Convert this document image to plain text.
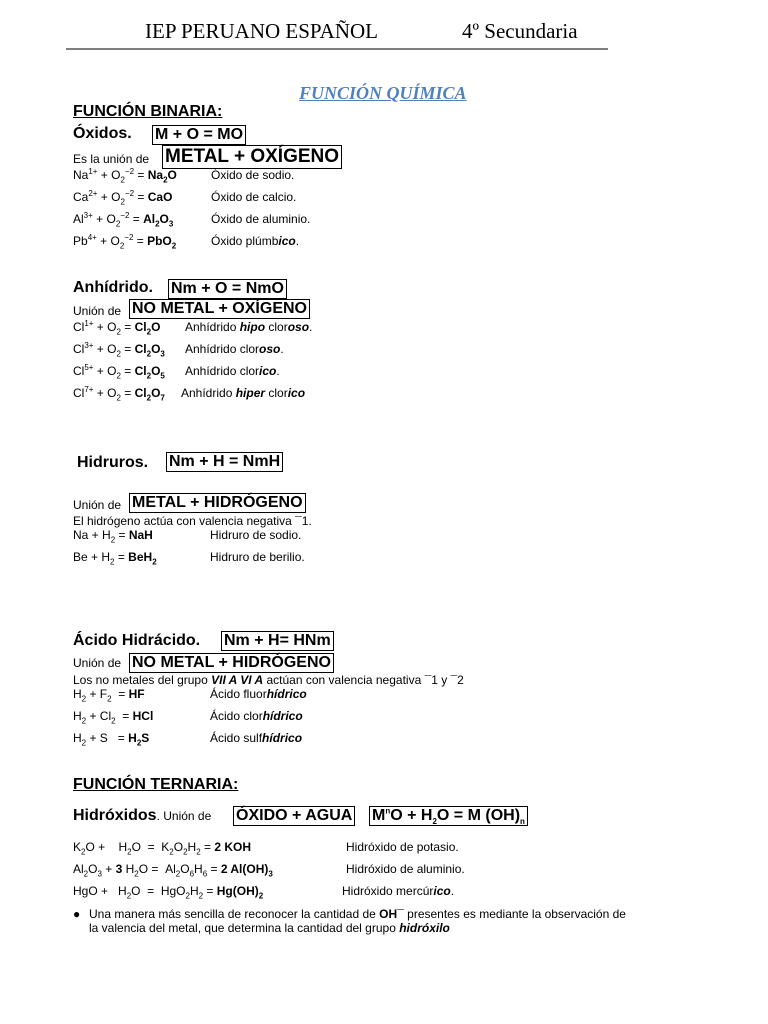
IEP PERUANO ESPAÑOL	4º Secundaria
FUNCIÓN QUÍMICA
FUNCIÓN BINARIA:
Óxidos. M + O = MO
Es la unión de METAL + OXÍGENO
$Na^{1+} + O_2^{-2} = Na_2O$	Óxido de sodio.
$Ca^{2+} + O_2^{-2}$ = CaO	Óxido de calcio.
$Al^{3+} + O_2^{-2} = Al_2O_3$	Óxido de aluminio.
$Pb^{4+} + O_2^{-2} = PbO_2$	Óxido plúmbico.
Anhídrido. Nm + O = NmO
Unión de NO METAL + OXÍGENO
$Cl^{1+} + O_2 = Cl_2O$ Anhídrido hipo cloroso.
$Cl^{3+} + O_2 = Cl_2O_3$ Anhídrido cloroso.
$Cl^{5+} + O_2 = Cl_2O_5$ Anhídrido clorico.
$Cl^{7+} + O_2 = Cl_2O_7$ Anhídrido hiper clorico
Hidruros. Nm + H = NmH
Unión de METAL + HIDRÓGENO
El hidrógeno actúa con valencia negativa ¯1.
$Na + H_2$ = NaH	Hidruro de sodio.
$Be + H_2 = BeH_2$	Hidruro de berilio.
Ácido Hidrácido. Nm + H= HNm
Unión de NO METAL + HIDRÓGENO
Los no metales del grupo VII A VI A actúan con valencia negativa ¯1 y ¯2
$H_2 + F_2$  = HF	Ácido fluorhídrico
$H_2 + Cl_2$  = HCl	Ácido clorhídrico
$H_2 + S = H_2S$	Ácido sulfhídrico
FUNCIÓN TERNARIA:
Hidróxidos. Unión de ÓXIDO + AGUA $M^nO + H_2O = M$ $(OH)_n$
$K_2O$ +    $H_2O = K_2O_2H_2 = 2$ KOH	Hidróxido de potasio.
$Al_2O_3 + 3$ $H_2O = Al_2O_6H_6 = 2$ $Al(OH)_3$	Hidróxido de aluminio.
HgO +   $H_2O = HgO_2H_2 = Hg(OH)_2$	Hidróxido mercúrico.
● Una manera más sencilla de reconocer la cantidad de OH¯ presentes es mediante la observación de
la valencia del metal, que determina la cantidad del grupo hidróxilo
